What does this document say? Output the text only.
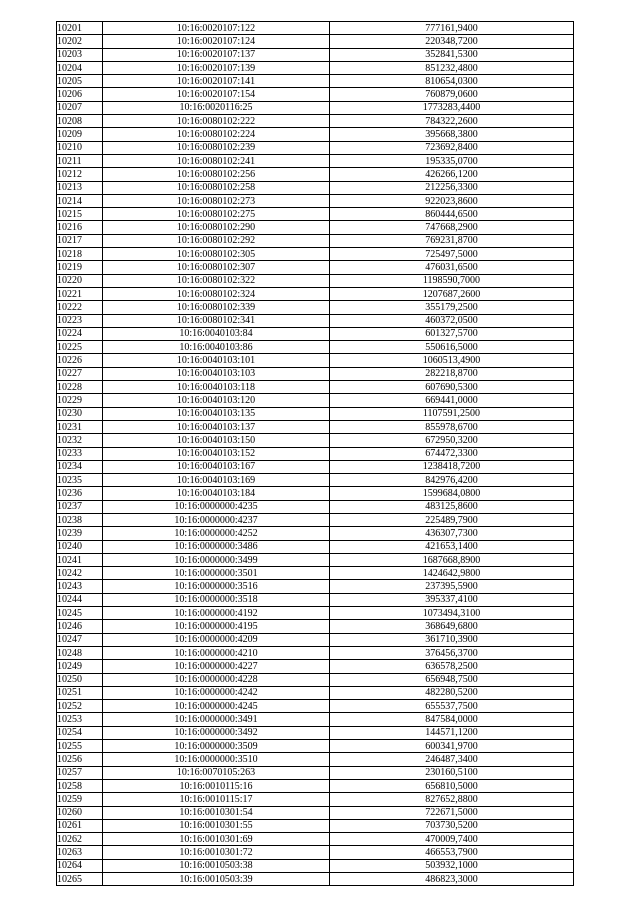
10201	10:16:0020107:122	777161,9400
10202	10:16:0020107:124	220348,7200
10203	10:16:0020107:137	352841,5300
10204	10:16:0020107:139	851232,4800
10205	10:16:0020107:141	810654,0300
10206	10:16:0020107:154	760879,0600
10207	10:16:0020116:25	1773283,4400
10208	10:16:0080102:222	784322,2600
10209	10:16:0080102:224	395668,3800
10210	10:16:0080102:239	723692,8400
10211	10:16:0080102:241	195335,0700
10212	10:16:0080102:256	426266,1200
10213	10:16:0080102:258	212256,3300
10214	10:16:0080102:273	922023,8600
10215	10:16:0080102:275	860444,6500
10216	10:16:0080102:290	747668,2900
10217	10:16:0080102:292	769231,8700
10218	10:16:0080102:305	725497,5000
10219	10:16:0080102:307	476031,6500
10220	10:16:0080102:322	1198590,7000
10221	10:16:0080102:324	1207687,2600
10222	10:16:0080102:339	355179,2500
10223	10:16:0080102:341	460372,0500
10224	10:16:0040103:84	601327,5700
10225	10:16:0040103:86	550616,5000
10226	10:16:0040103:101	1060513,4900
10227	10:16:0040103:103	282218,8700
10228	10:16:0040103:118	607690,5300
10229	10:16:0040103:120	669441,0000
10230	10:16:0040103:135	1107591,2500
10231	10:16:0040103:137	855978,6700
10232	10:16:0040103:150	672950,3200
10233	10:16:0040103:152	674472,3300
10234	10:16:0040103:167	1238418,7200
10235	10:16:0040103:169	842976,4200
10236	10:16:0040103:184	1599684,0800
10237	10:16:0000000:4235	483125,8600
10238	10:16:0000000:4237	225489,7900
10239	10:16:0000000:4252	436307,7300
10240	10:16:0000000:3486	421653,1400
10241	10:16:0000000:3499	1687668,8900
10242	10:16:0000000:3501	1424642,9800
10243	10:16:0000000:3516	237395,5900
10244	10:16:0000000:3518	395337,4100
10245	10:16:0000000:4192	1073494,3100
10246	10:16:0000000:4195	368649,6800
10247	10:16:0000000:4209	361710,3900
10248	10:16:0000000:4210	376456,3700
10249	10:16:0000000:4227	636578,2500
10250	10:16:0000000:4228	656948,7500
10251	10:16:0000000:4242	482280,5200
10252	10:16:0000000:4245	655537,7500
10253	10:16:0000000:3491	847584,0000
10254	10:16:0000000:3492	144571,1200
10255	10:16:0000000:3509	600341,9700
10256	10:16:0000000:3510	246487,3400
10257	10:16:0070105:263	230160,5100
10258	10:16:0010115:16	656810,5000
10259	10:16:0010115:17	827652,8800
10260	10:16:0010301:54	722671,5000
10261	10:16:0010301:55	703730,5200
10262	10:16:0010301:69	470009,7400
10263	10:16:0010301:72	466553,7900
10264	10:16:0010503:38	503932,1000
10265	10:16:0010503:39	486823,3000
